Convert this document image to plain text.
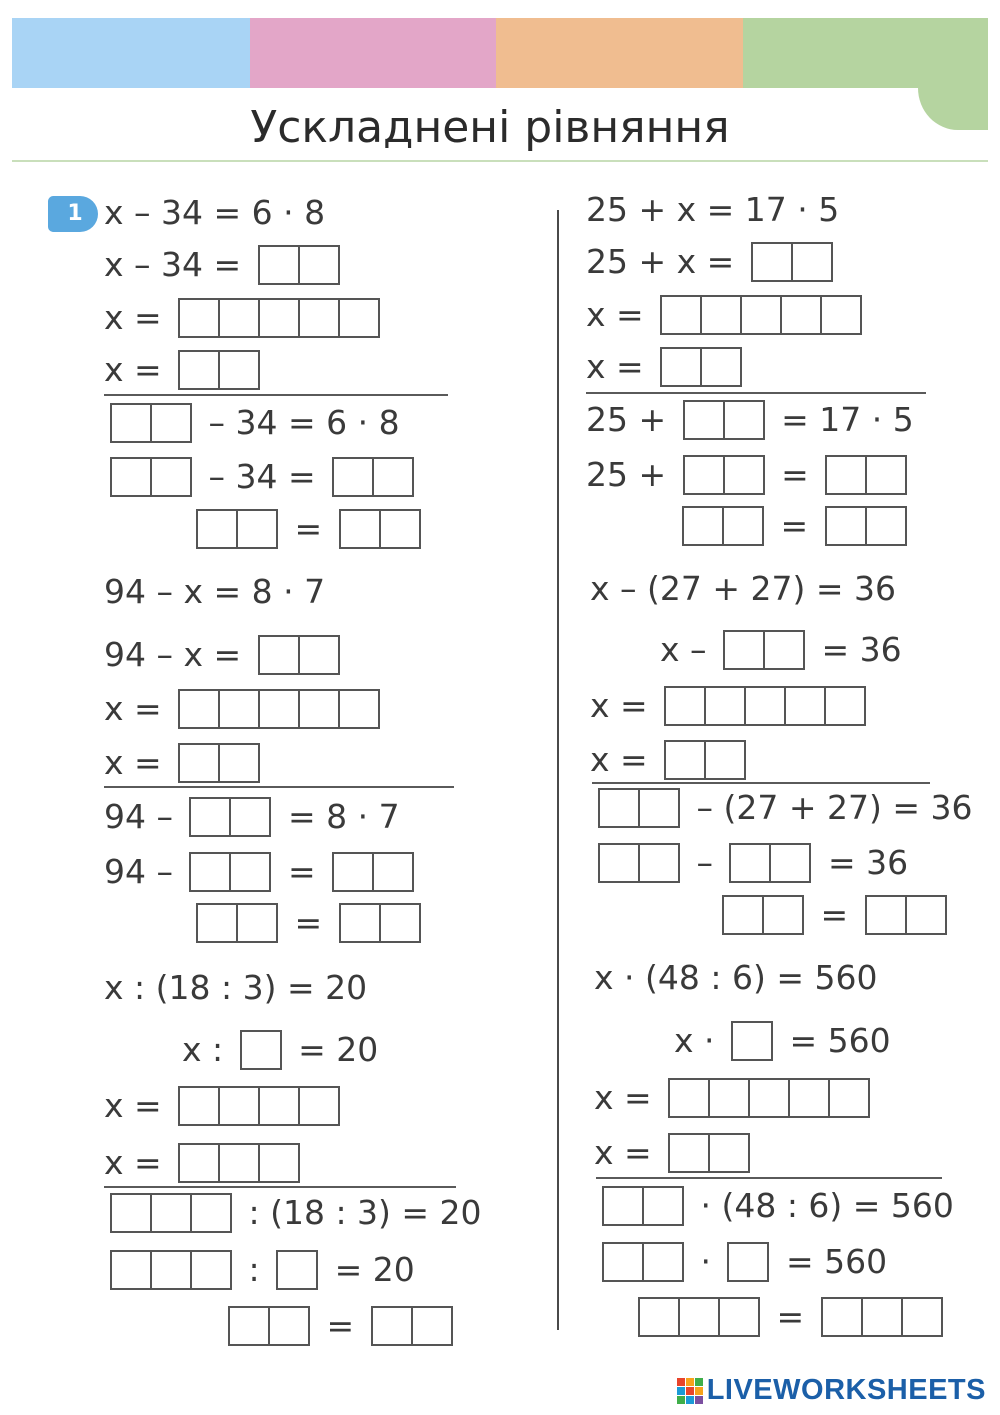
Ускладнені рівняння
1 x – 34 = 6 · 8
x – 34 =
x =
x =
– 34 = 6 · 8
– 34 =
=
94 – x = 8 · 7
94 – x =
x =
x =
94 –	= 8 · 7
94 –	=
=
x : (18 : 3) = 20
x : = 20
x =
x =
: (18 : 3) = 20
: = 20
=
25 + x = 17 · 5
25 + x =
x =
x =
25 +	= 17 · 5
25 +	=
=
x – (27 + 27) = 36
x –	= 36
x =
x =
– (27 + 27) = 36
–	= 36
=
x · (48 : 6) = 560
x · = 560
x =
x =
· (48 : 6) = 560
· = 560
=
LIVEWORKSHEETS
